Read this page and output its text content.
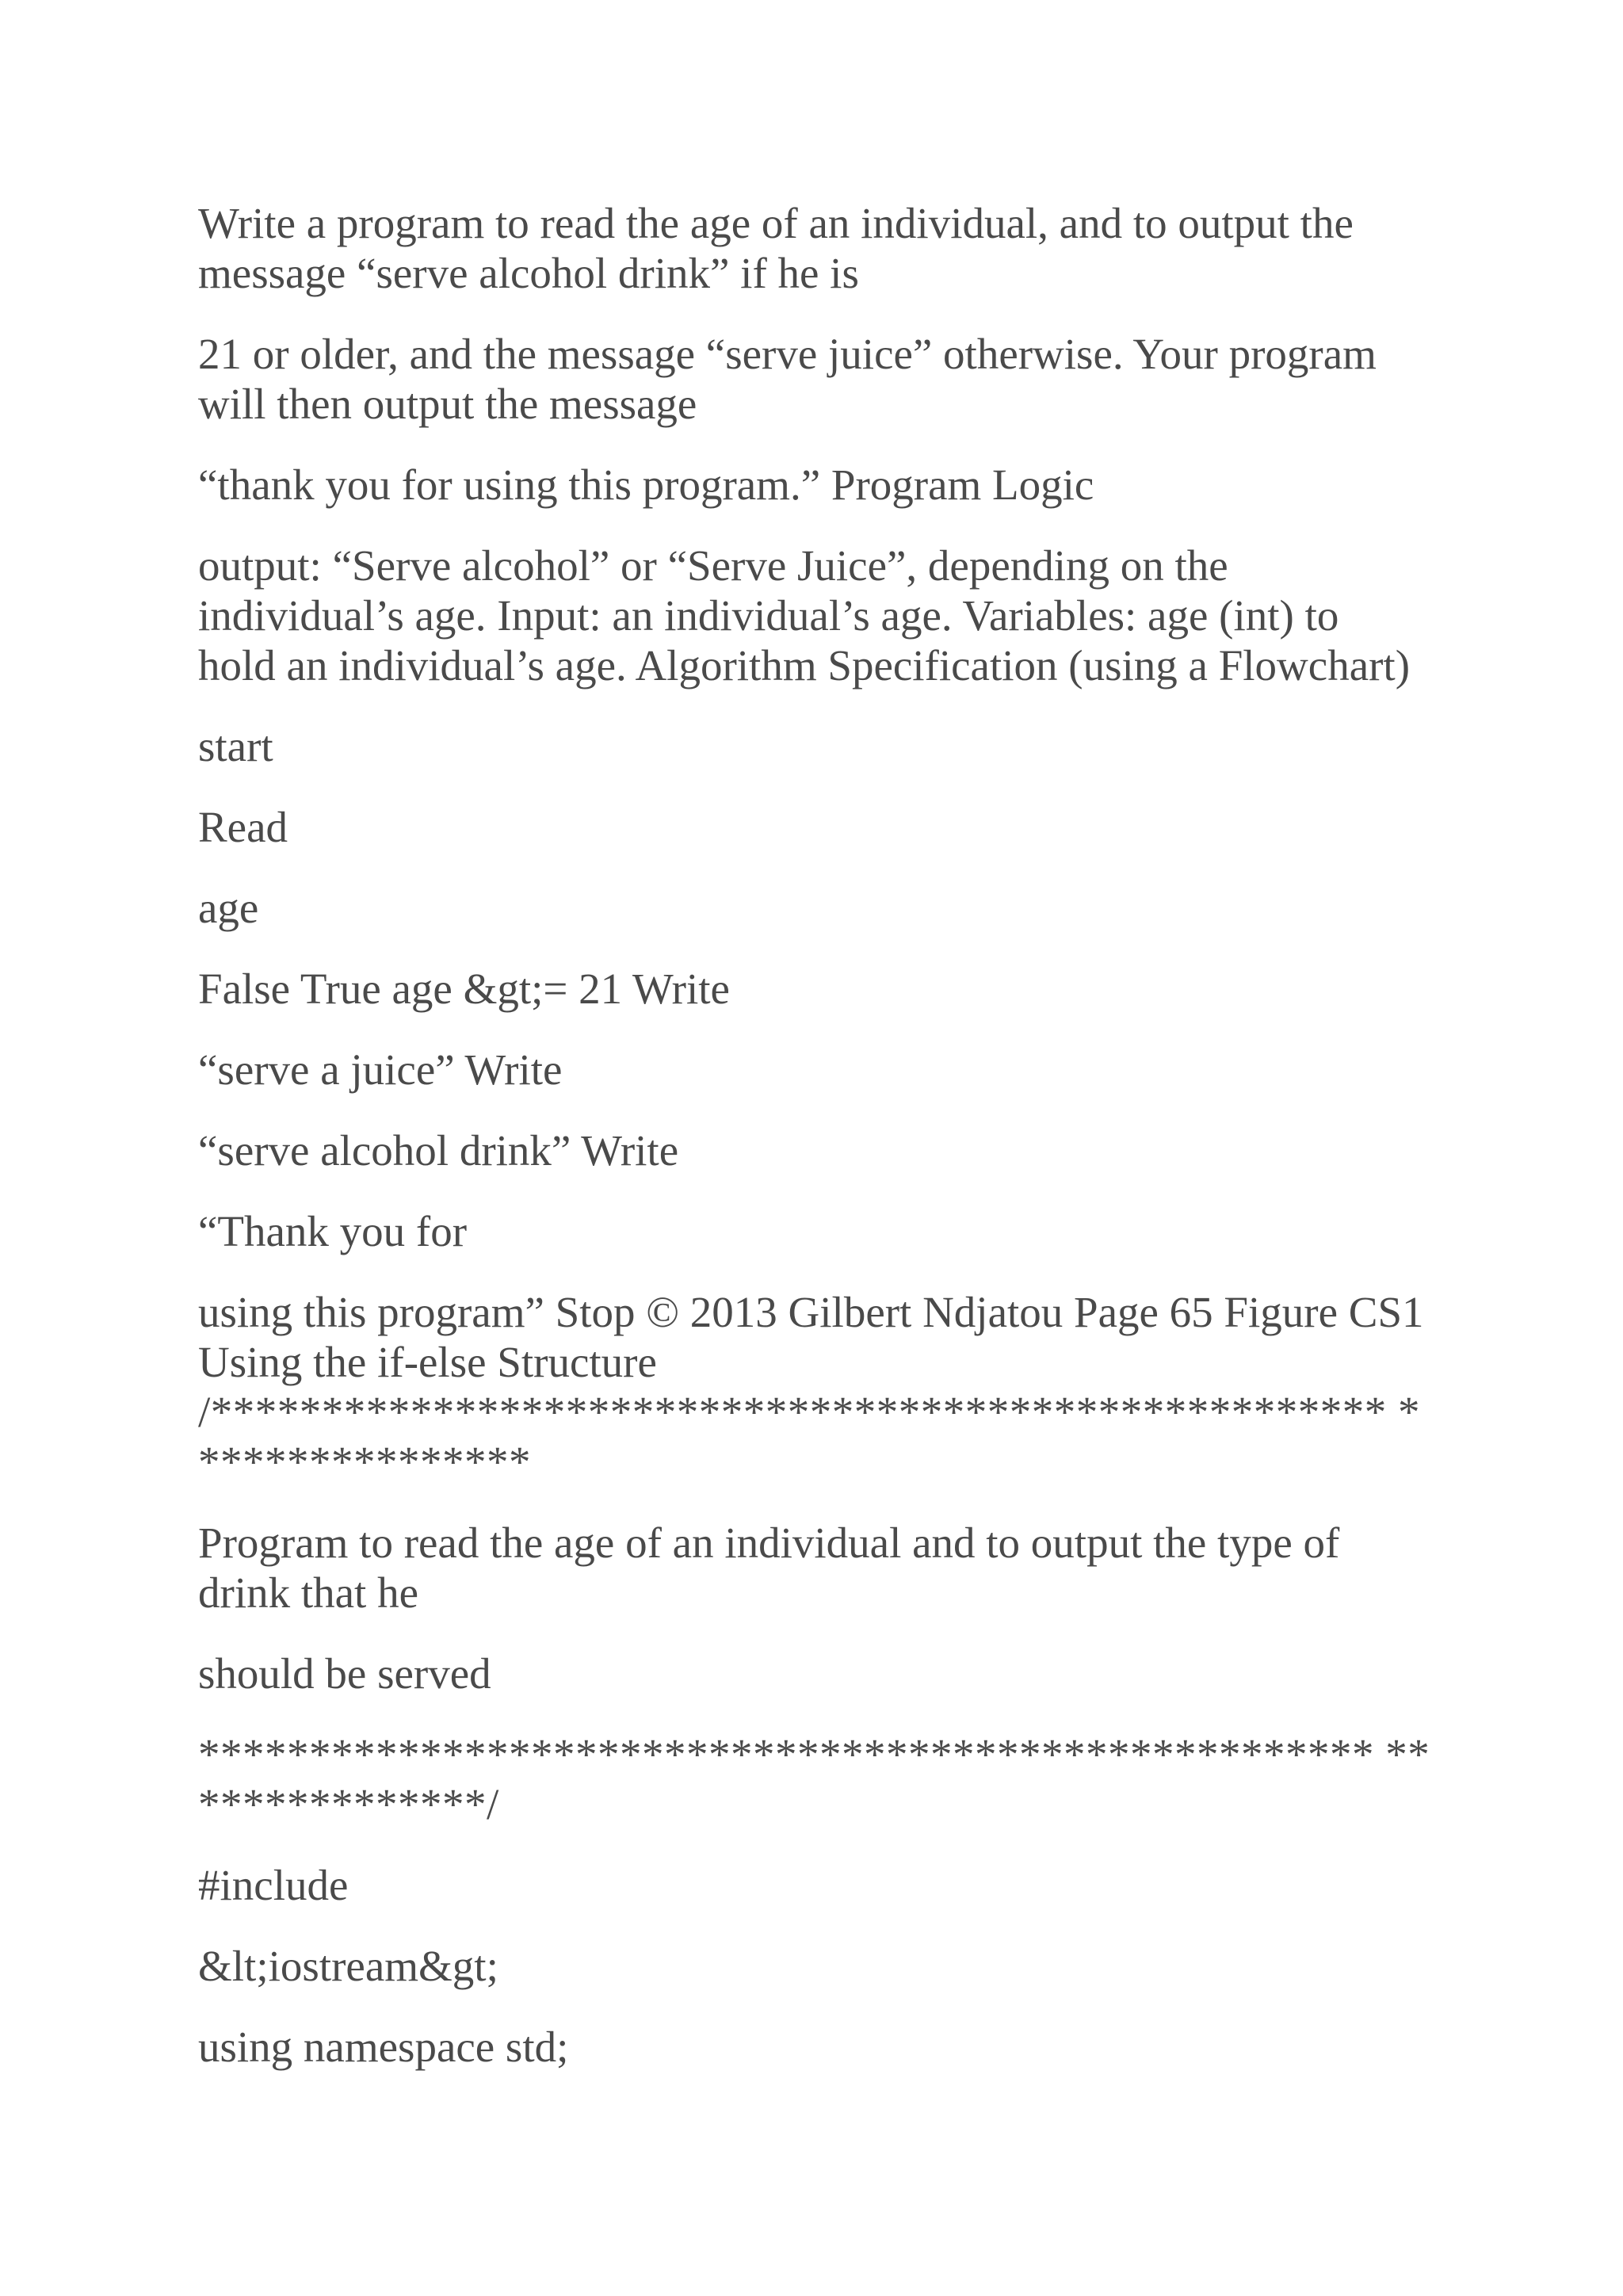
Write a program to read the age of an individual, and to output the
message “serve alcohol drink” if he is

21 or older, and the message “serve juice” otherwise. Your program
will then output the message

“thank you for using this program.” Program Logic

output: “Serve alcohol” or “Serve Juice”, depending on the
individual’s age. Input: an individual’s age. Variables: age (int) to
hold an individual’s age. Algorithm Specification (using a Flowchart)

start

Read

age

False True age &gt;= 21 Write

“serve a juice” Write

“serve alcohol drink” Write

“Thank you for

using this program” Stop © 2013 Gilbert Ndjatou Page 65 Figure CS1
Using the if-else Structure

/***************************************************** ****************

Program to read the age of an individual and to output the type of
drink that he

should be served

***************************************************** ***************/

#include

&lt;iostream&gt;

using namespace std;
